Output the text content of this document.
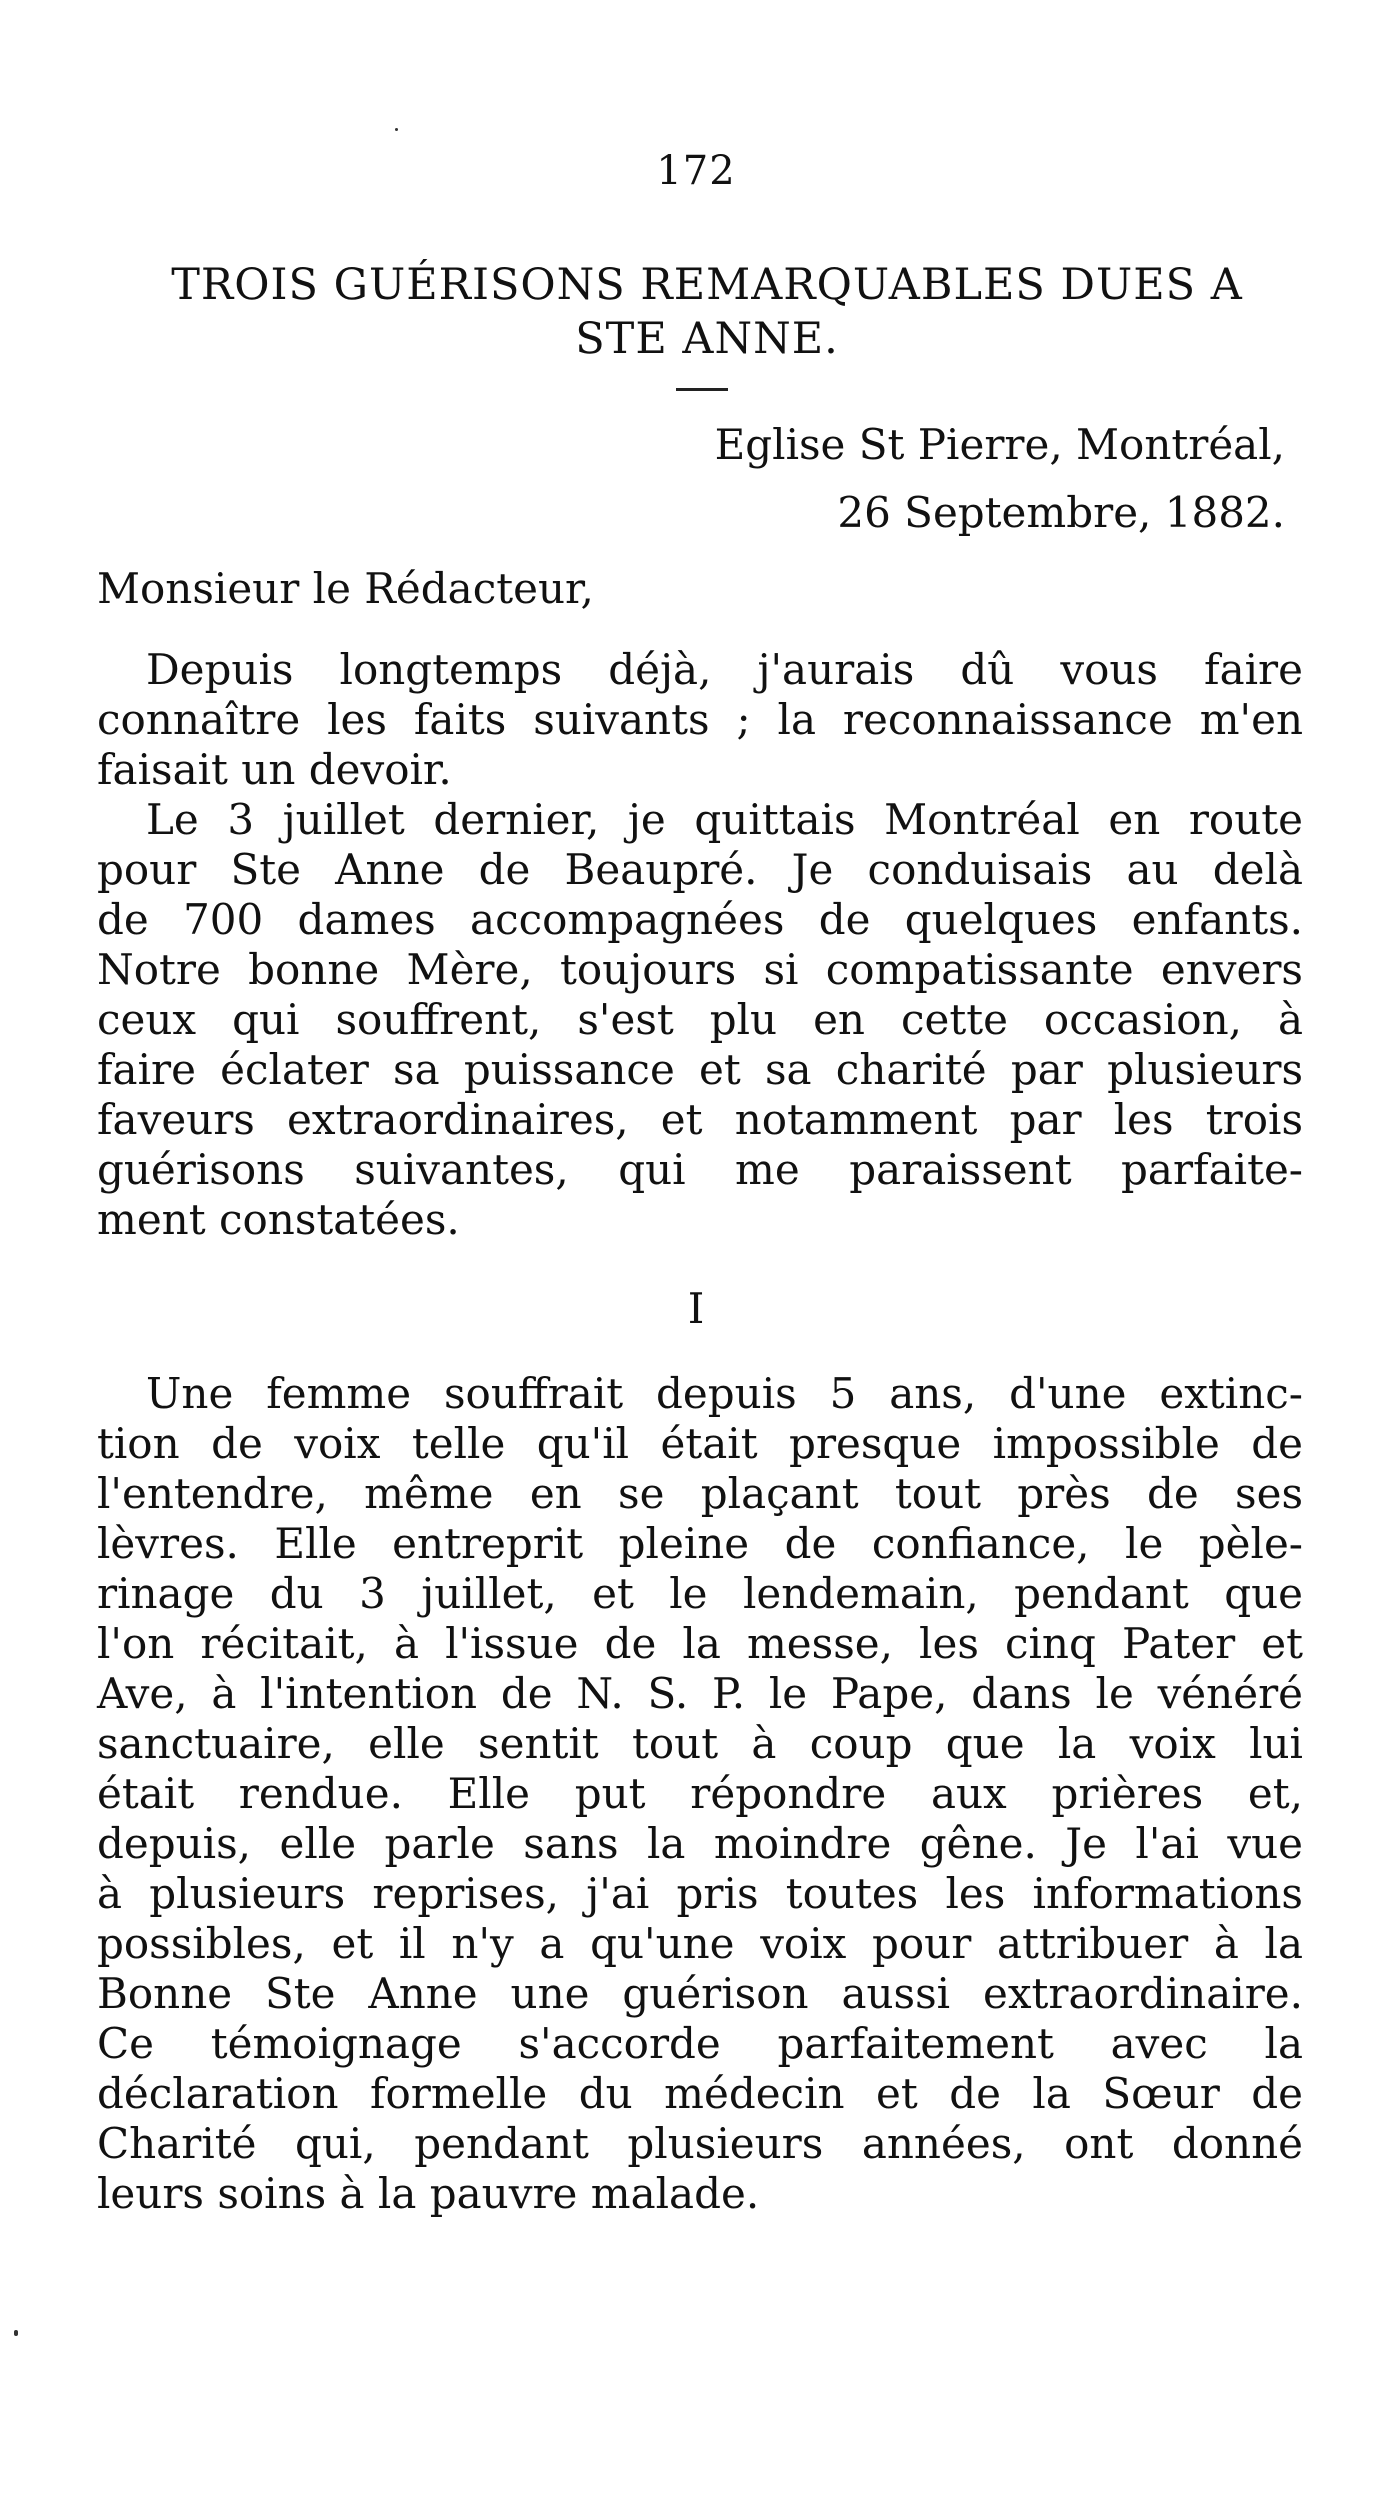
172
TROIS GUÉRISONS REMARQUABLES DUES A
STE ANNE.
Eglise St Pierre, Montréal,
26 Septembre, 1882.
Monsieur le Rédacteur,
Depuis longtemps déjà, j'aurais dû vous faire
connaître les faits suivants ; la reconnaissance m'en
faisait un devoir.
Le 3 juillet dernier, je quittais Montréal en route
pour Ste Anne de Beaupré. Je conduisais au delà
de 700 dames accompagnées de quelques enfants.
Notre bonne Mère, toujours si compatissante envers
ceux qui souffrent, s'est plu en cette occasion, à
faire éclater sa puissance et sa charité par plusieurs
faveurs extraordinaires, et notamment par les trois
guérisons suivantes, qui me paraissent parfaite-
ment constatées.
I
Une femme souffrait depuis 5 ans, d'une extinc-
tion de voix telle qu'il était presque impossible de
l'entendre, même en se plaçant tout près de ses
lèvres. Elle entreprit pleine de confiance, le pèle-
rinage du 3 juillet, et le lendemain, pendant que
l'on récitait, à l'issue de la messe, les cinq Pater et
Ave, à l'intention de N. S. P. le Pape, dans le vénéré
sanctuaire, elle sentit tout à coup que la voix lui
était rendue. Elle put répondre aux prières et,
depuis, elle parle sans la moindre gêne. Je l'ai vue
à plusieurs reprises, j'ai pris toutes les informations
possibles, et il n'y a qu'une voix pour attribuer à la
Bonne Ste Anne une guérison aussi extraordinaire.
Ce témoignage s'accorde parfaitement avec la
déclaration formelle du médecin et de la Sœur de
Charité qui, pendant plusieurs années, ont donné
leurs soins à la pauvre malade.
